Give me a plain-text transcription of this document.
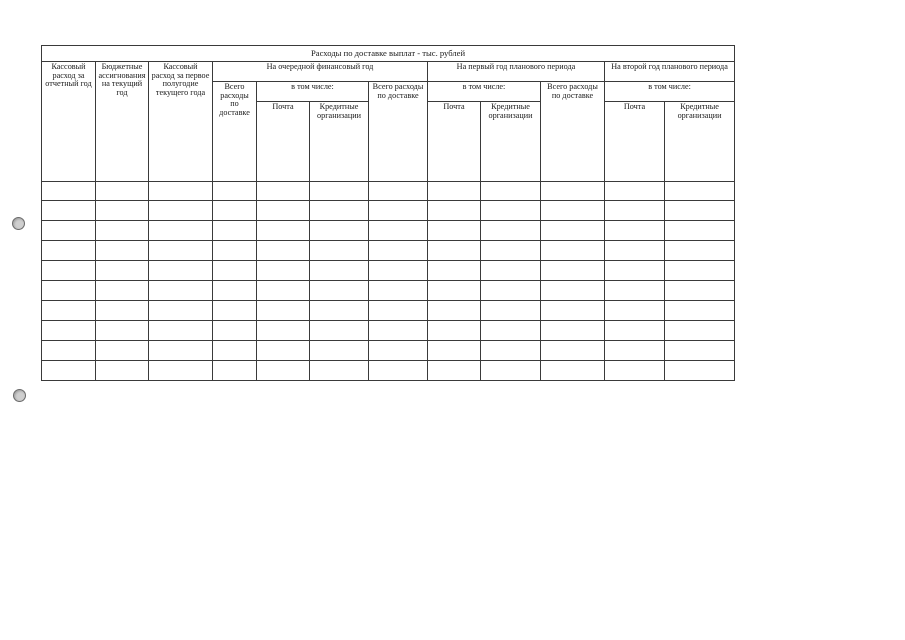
Расходы по доставке выплат - тыс. рублей											
Кассовый расход за отчетный год	Бюджетные ассигнования на текущий год	Кассовый расход за первое полугодие текущего года	На очередной финансовый год				На первый год планового периода			На второй год планового периода	
			Всего расходы по доставке	в том числе:		Всего расходы по доставке	в том числе:		Всего расходы по доставке	в том числе:	
				Почта	Кредитные организации		Почта	Кредитные организации		Почта	Кредитные организации
